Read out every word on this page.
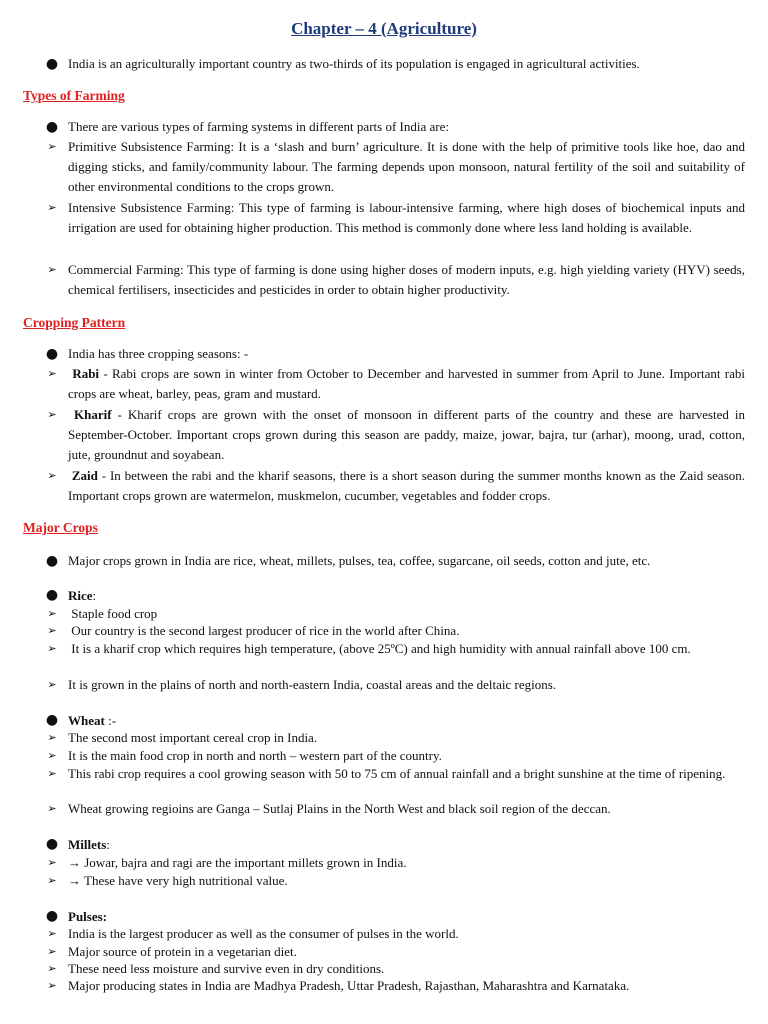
Chapter – 4 (Agriculture)

● India is an agriculturally important country as two-thirds of its population is engaged in agricultural activities.

Types of Farming

● There are various types of farming systems in different parts of India are:

➢ Primitive Subsistence Farming: It is a ‘slash and burn’ agriculture. It is done with the help of primitive tools like hoe, dao and digging sticks, and family/community labour. The farming depends upon monsoon, natural fertility of the soil and suitability of other environmental conditions to the crops grown.

➢ Intensive Subsistence Farming: This type of farming is labour-intensive farming, where high doses of biochemical inputs and irrigation are used for obtaining higher production. This method is commonly done where less land holding is available.

➢ Commercial Farming: This type of farming is done using higher doses of modern inputs, e.g. high yielding variety (HYV) seeds, chemical fertilisers, insecticides and pesticides in order to obtain higher productivity.

Cropping Pattern

● India has three cropping seasons: -

➢ Rabi - Rabi crops are sown in winter from October to December and harvested in summer from April to June. Important rabi crops are wheat, barley, peas, gram and mustard.

➢ Kharif - Kharif crops are grown with the onset of monsoon in different parts of the country and these are harvested in September-October. Important crops grown during this season are paddy, maize, jowar, bajra, tur (arhar), moong, urad, cotton, jute, groundnut and soyabean.

➢ Zaid - In between the rabi and the kharif seasons, there is a short season during the summer months known as the Zaid season. Important crops grown are watermelon, muskmelon, cucumber, vegetables and fodder crops.

Major Crops

● Major crops grown in India are rice, wheat, millets, pulses, tea, coffee, sugarcane, oil seeds, cotton and jute, etc.

● Rice:

➢ Staple food crop

➢ Our country is the second largest producer of rice in the world after China.

➢ It is a kharif crop which requires high temperature, (above 25ºC) and high humidity with annual rainfall above 100 cm.

➢ It is grown in the plains of north and north-eastern India, coastal areas and the deltaic regions.

● Wheat :-

➢ The second most important cereal crop in India.

➢ It is the main food crop in north and north – western part of the country.

➢ This rabi crop requires a cool growing season with 50 to 75 cm of annual rainfall and a bright sunshine at the time of ripening.

➢ Wheat growing regioins are Ganga – Sutlaj Plains in the North West and black soil region of the deccan.

● Millets:

➢ → Jowar, bajra and ragi are the important millets grown in India.

➢ → These have very high nutritional value.

● Pulses:

➢ India is the largest producer as well as the consumer of pulses in the world.

➢ Major source of protein in a vegetarian diet.

➢ These need less moisture and survive even in dry conditions.

➢ Major producing states in India are Madhya Pradesh, Uttar Pradesh, Rajasthan, Maharashtra and Karnataka.
